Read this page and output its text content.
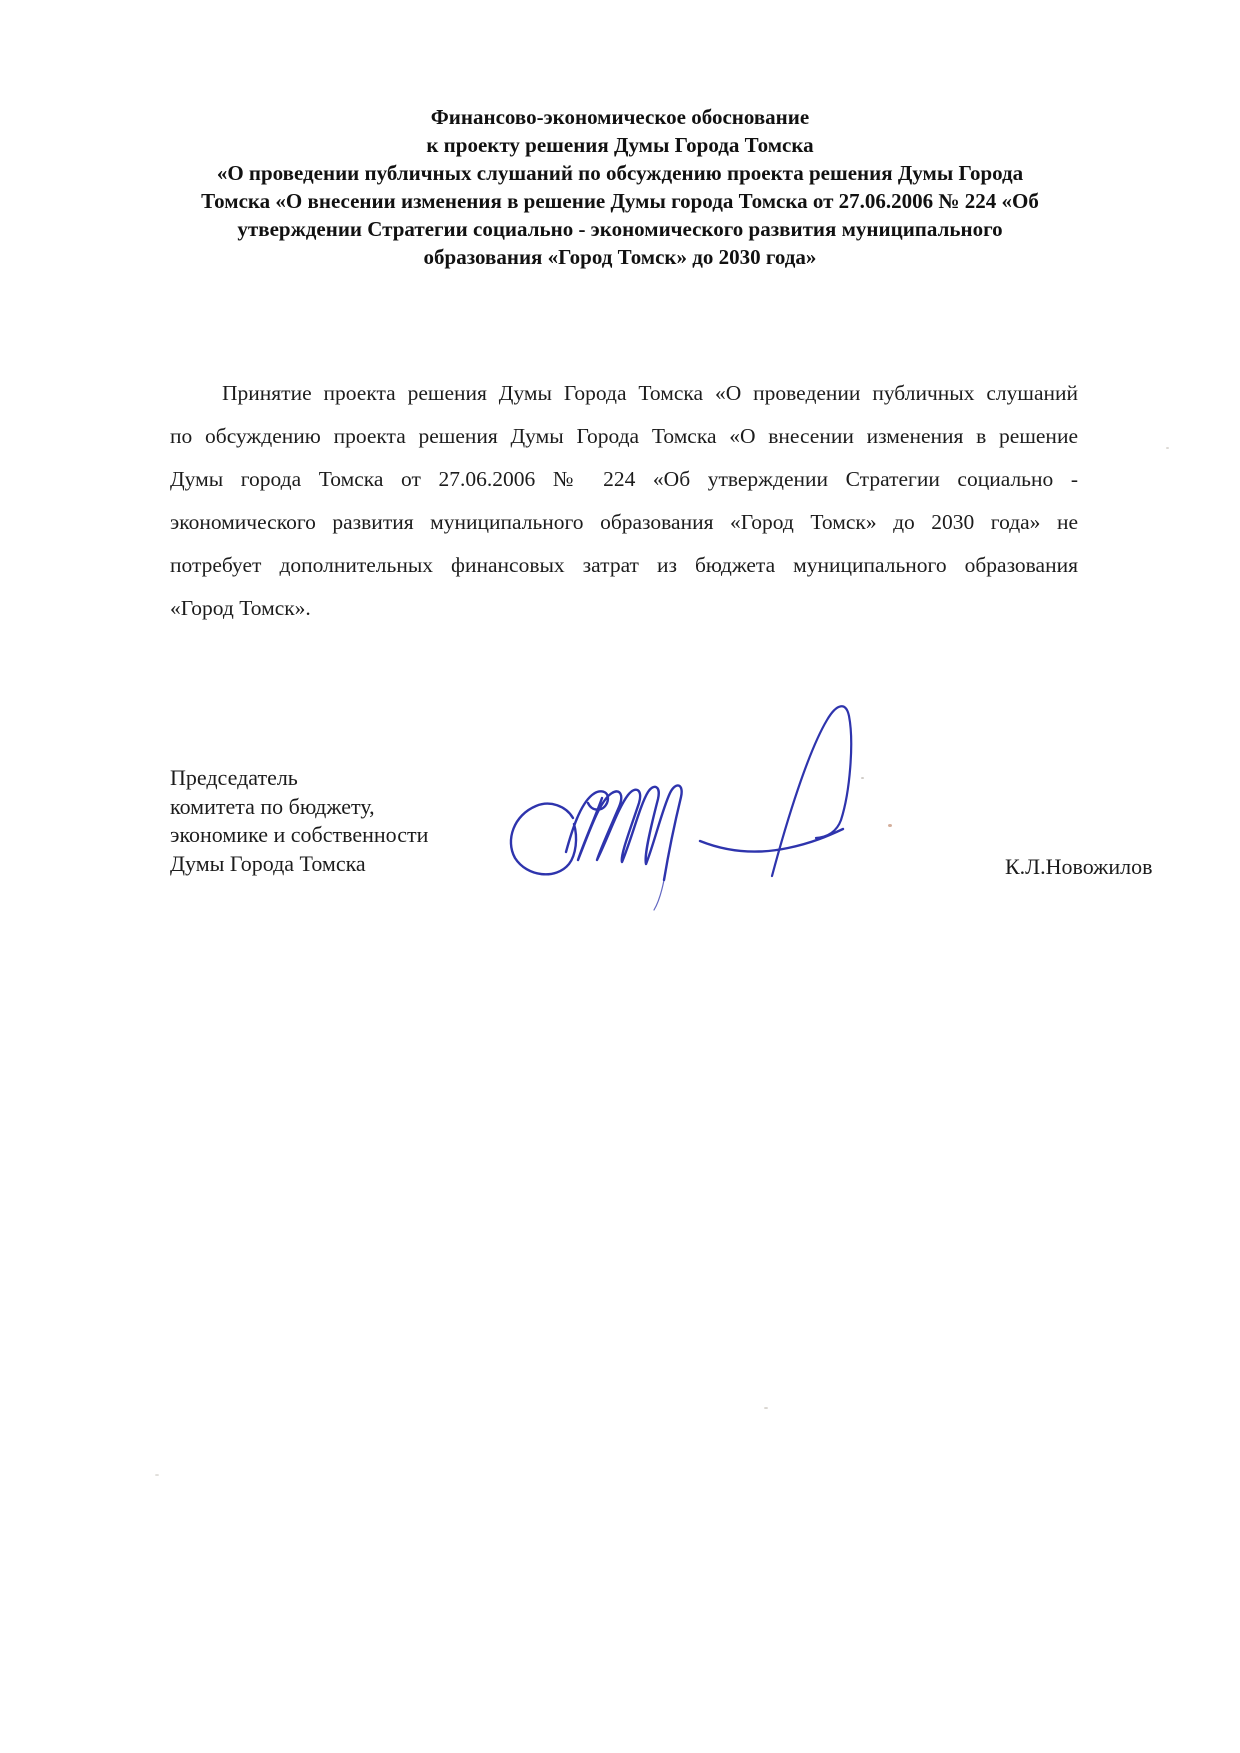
Финансово-экономическое обоснование
к проекту решения Думы Города Томска
«О проведении публичных слушаний по обсуждению проекта решения Думы Города
Томска «О внесении изменения в решение Думы города Томска от 27.06.2006 № 224 «Об
утверждении Стратегии социально - экономического развития муниципального
образования «Город Томск» до 2030 года»
Принятие проекта решения Думы Города Томска «О проведении публичных слушаний
по обсуждению проекта решения Думы Города Томска «О внесении изменения в решение
Думы города Томска от 27.06.2006 № 224 «Об утверждении Стратегии социально -
экономического развития муниципального образования «Город Томск» до 2030 года» не
потребует дополнительных финансовых затрат из бюджета муниципального образования
«Город Томск».
Председатель
комитета по бюджету,
экономике и собственности
Думы Города Томска	К.Л.Новожилов
